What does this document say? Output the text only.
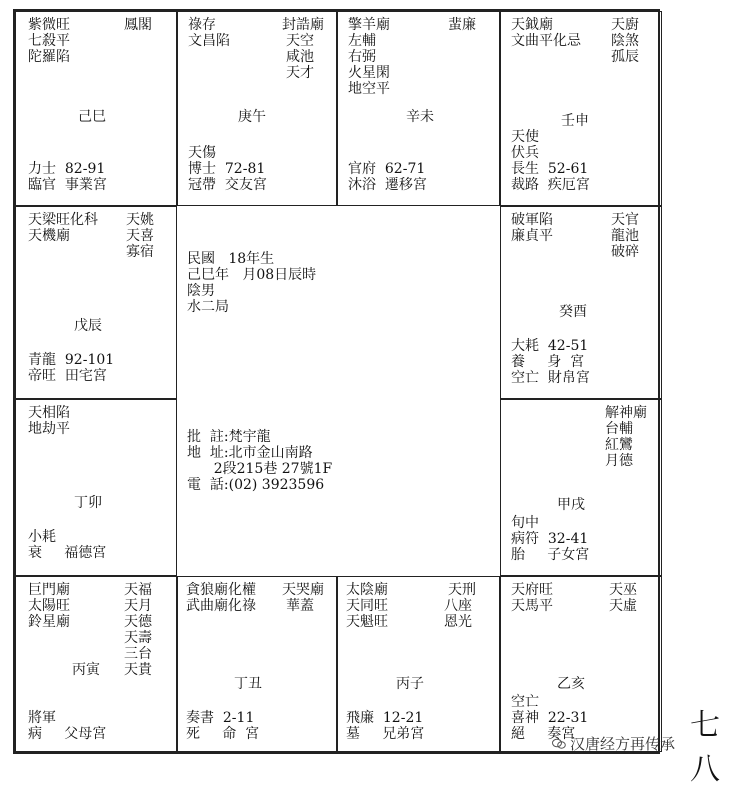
紫微旺
七殺平
陀羅陷
鳳閣
己巳
力士  82-91
臨官  事業宮
祿存
文昌陷
封誥廟
天空
咸池
天才
庚午
天傷
博士  72-81
冠帶  交友宮
擎羊廟
左輔
右弼
火星閑
地空平
蜚廉
辛未
官府  62-71
沐浴  遷移宮
天鉞廟
文曲平化忌
天廚
陰煞
孤辰
壬申
天使
伏兵
長生  52-61
裁路  疾厄宮
天梁旺化科
天機廟
天姚
天喜
寡宿
戊辰
青龍  92-101
帝旺  田宅宮
破軍陷
廉貞平
天官
龍池
破碎
癸酉
大耗  42-51
養     身  宮
空亡  財帛宮
天相陷
地劫平
丁卯
小耗
衰     福德宮
解神廟
台輔
紅鸞
月德
甲戌
旬中
病符  32-41
胎     子女宮
民國   18年生
己巳年   月08日辰時
陰男
水二局
批  註:梵宇龍
地  址:北市金山南路
2段215巷 27號1F
電  話:(02) 3923596
巨門廟
太陽旺
鈴星廟
天福
天月
天德
天壽
三台
天貴
丙寅
將軍
病     父母宮
貪狼廟化權
武曲廟化祿
天哭廟
華蓋
丁丑
奏書  2-11
死     命  宮
太陰廟
天同旺
天魁旺
天刑
八座
恩光
丙子
飛廉  12-21
墓     兄弟宮
天府旺
天馬平
天巫
天虛
乙亥
空亡
喜神  22-31
絕     奏宮	七八
汉唐经方再传承
